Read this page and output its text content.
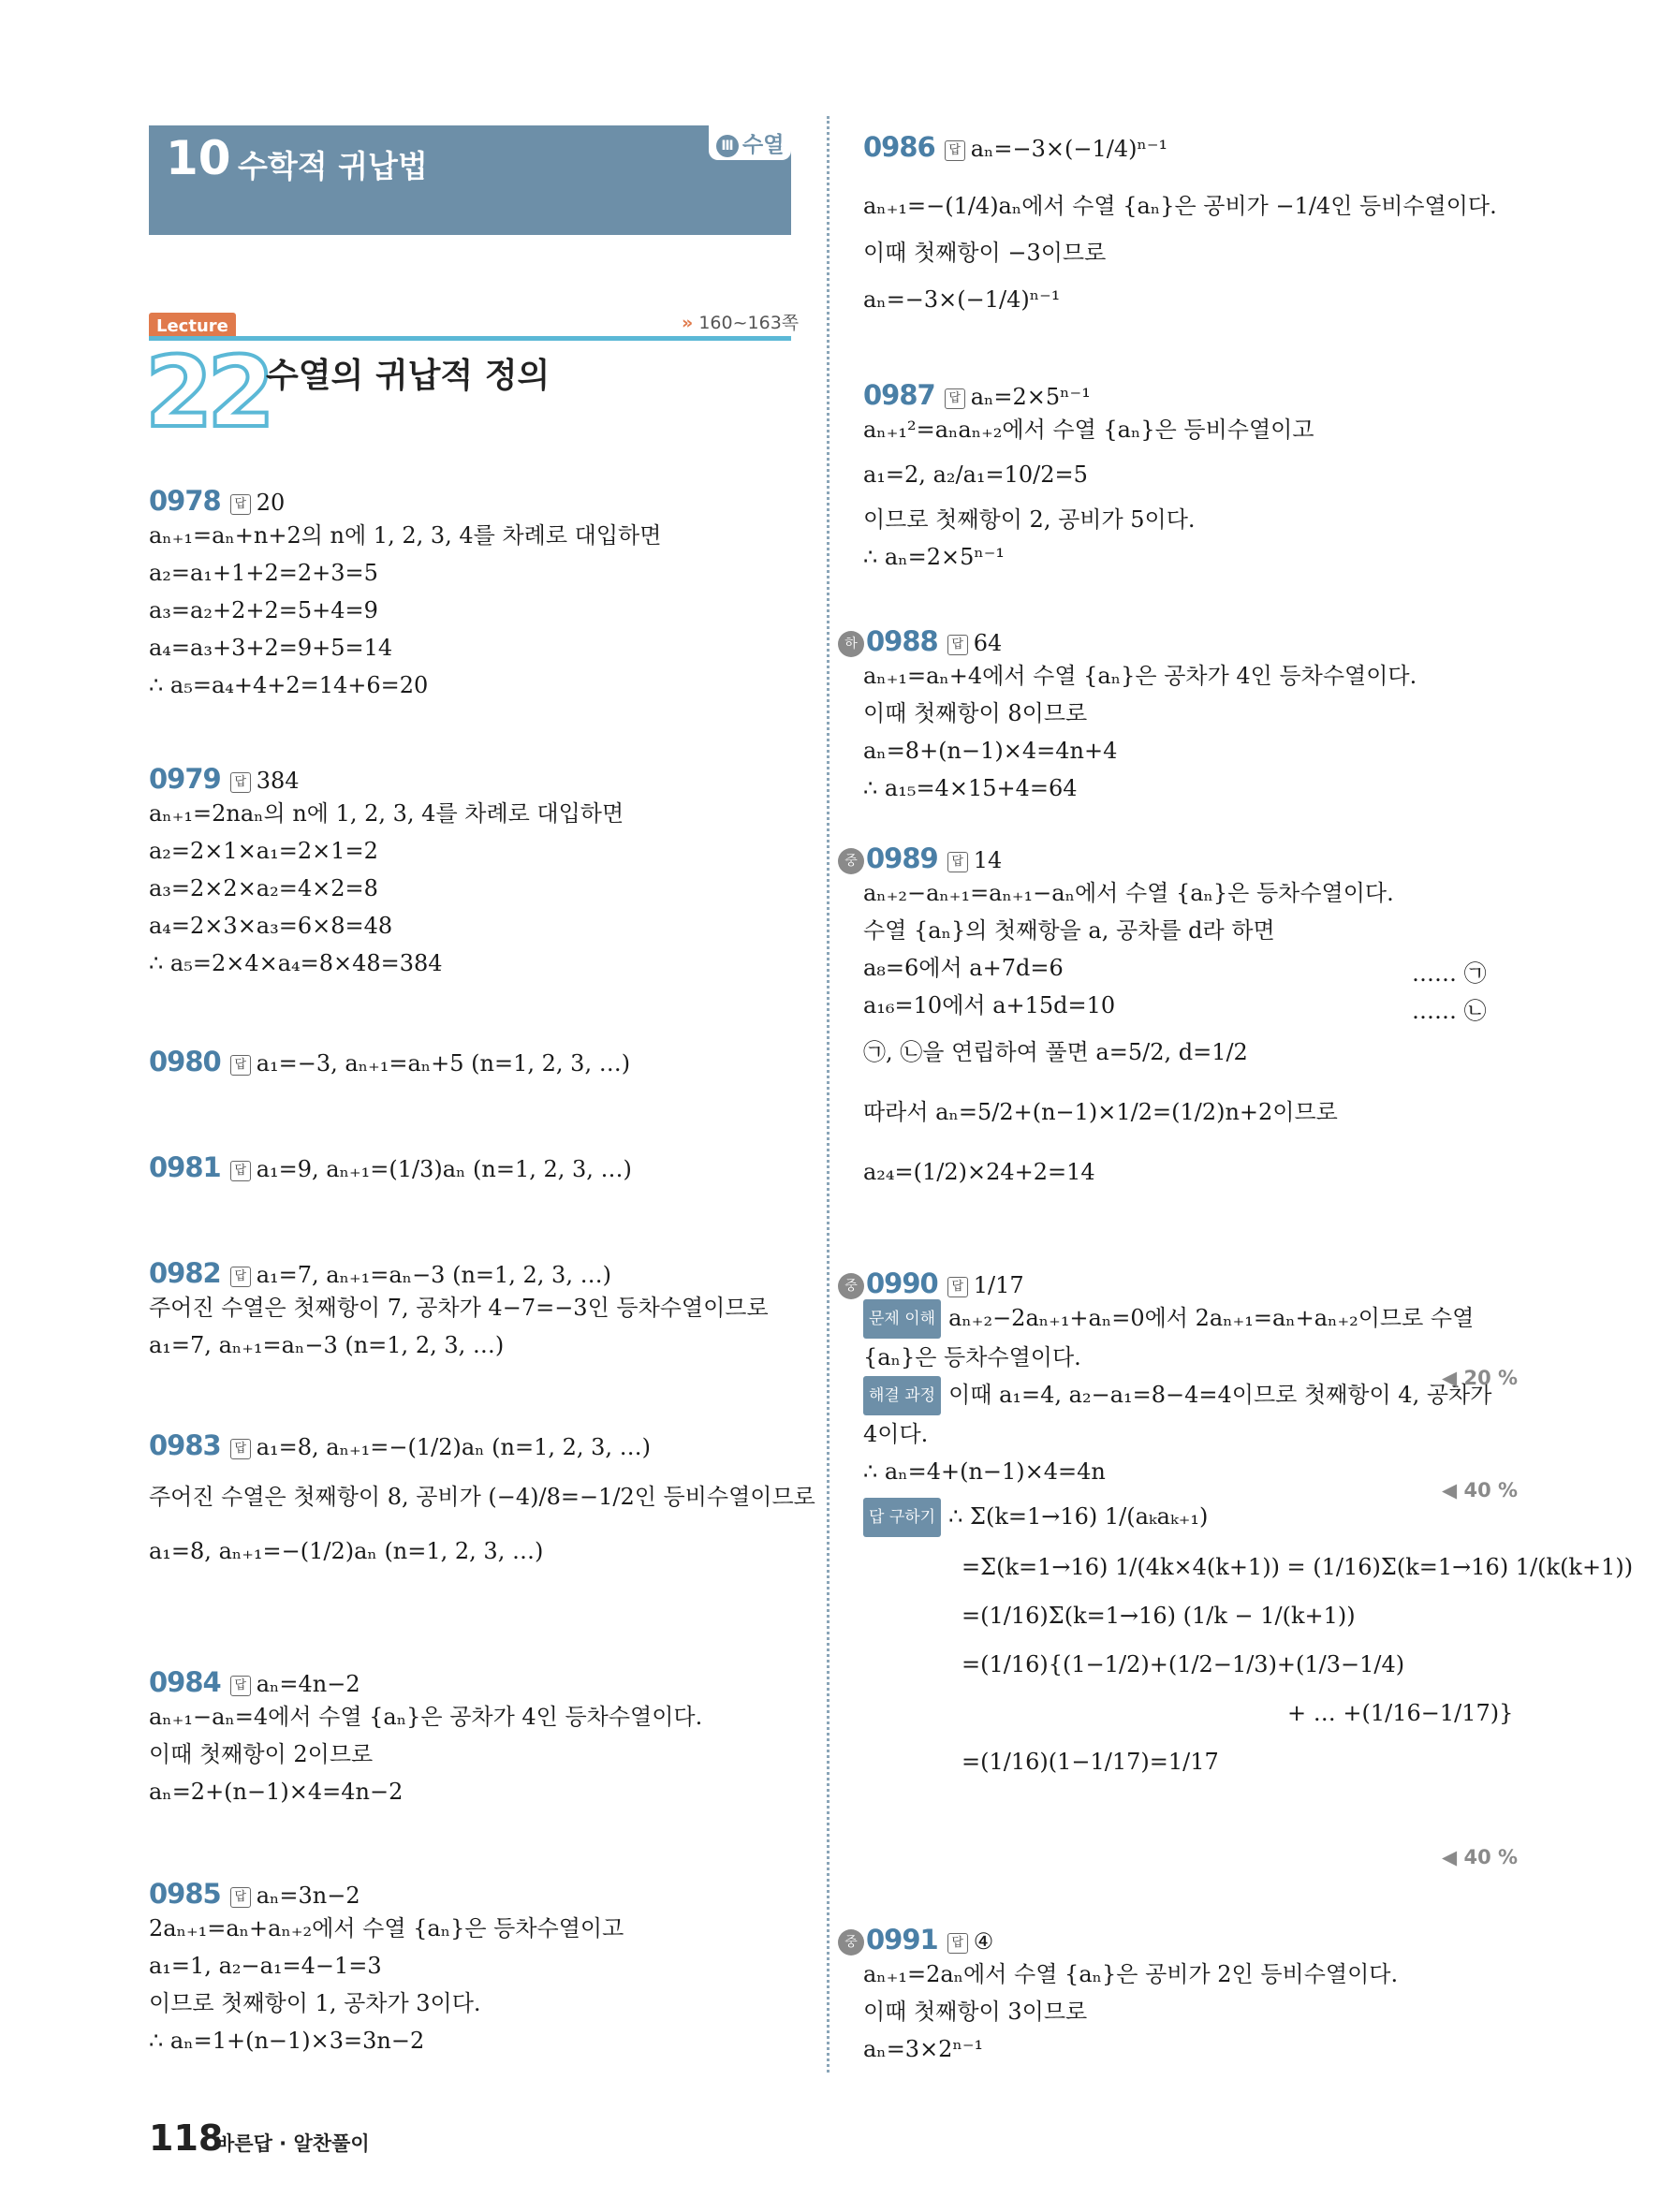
10 수학적 귀납법
Ⅲ 수열
Lecture	» 160~163쪽
22
수열의 귀납적 정의
0978 답 20
aₙ₊₁=aₙ+n+2의 n에 1, 2, 3, 4를 차례로 대입하면
a₂=a₁+1+2=2+3=5
a₃=a₂+2+2=5+4=9
a₄=a₃+3+2=9+5=14
∴ a₅=a₄+4+2=14+6=20
0979 답 384
aₙ₊₁=2naₙ의 n에 1, 2, 3, 4를 차례로 대입하면
a₂=2×1×a₁=2×1=2
a₃=2×2×a₂=4×2=8
a₄=2×3×a₃=6×8=48
∴ a₅=2×4×a₄=8×48=384
0980 답 a₁=−3, aₙ₊₁=aₙ+5 (n=1, 2, 3, …)
0981 답 a₁=9, aₙ₊₁=(1/3)aₙ (n=1, 2, 3, …)
0982 답 a₁=7, aₙ₊₁=aₙ−3 (n=1, 2, 3, …)
주어진 수열은 첫째항이 7, 공차가 4−7=−3인 등차수열이므로
a₁=7, aₙ₊₁=aₙ−3 (n=1, 2, 3, …)
0983 답 a₁=8, aₙ₊₁=−(1/2)aₙ (n=1, 2, 3, …)
주어진 수열은 첫째항이 8, 공비가 (−4)/8=−1/2인 등비수열이므로
a₁=8, aₙ₊₁=−(1/2)aₙ (n=1, 2, 3, …)
0984 답 aₙ=4n−2
aₙ₊₁−aₙ=4에서 수열 {aₙ}은 공차가 4인 등차수열이다.
이때 첫째항이 2이므로
aₙ=2+(n−1)×4=4n−2
0985 답 aₙ=3n−2
2aₙ₊₁=aₙ+aₙ₊₂에서 수열 {aₙ}은 등차수열이고
a₁=1, a₂−a₁=4−1=3
이므로 첫째항이 1, 공차가 3이다.
∴ aₙ=1+(n−1)×3=3n−2
0986 답 aₙ=−3×(−1/4)ⁿ⁻¹
aₙ₊₁=−(1/4)aₙ에서 수열 {aₙ}은 공비가 −1/4인 등비수열이다.
이때 첫째항이 −3이므로
aₙ=−3×(−1/4)ⁿ⁻¹
0987 답 aₙ=2×5ⁿ⁻¹
aₙ₊₁²=aₙaₙ₊₂에서 수열 {aₙ}은 등비수열이고
a₁=2, a₂/a₁=10/2=5
이므로 첫째항이 2, 공비가 5이다.
∴ aₙ=2×5ⁿ⁻¹
하 0988 답 64
aₙ₊₁=aₙ+4에서 수열 {aₙ}은 공차가 4인 등차수열이다.
이때 첫째항이 8이므로
aₙ=8+(n−1)×4=4n+4
∴ a₁₅=4×15+4=64
중 0989 답 14
aₙ₊₂−aₙ₊₁=aₙ₊₁−aₙ에서 수열 {aₙ}은 등차수열이다.
수열 {aₙ}의 첫째항을 a, 공차를 d라 하면
a₈=6에서 a+7d=6
a₁₆=10에서 a+15d=10
㉠, ㉡을 연립하여 풀면 a=5/2, d=1/2
따라서 aₙ=5/2+(n−1)×1/2=(1/2)n+2이므로
a₂₄=(1/2)×24+2=14
…… ㉠
…… ㉡
중 0990 답 1/17
문제 이해 aₙ₊₂−2aₙ₊₁+aₙ=0에서 2aₙ₊₁=aₙ+aₙ₊₂이므로 수열
{aₙ}은 등차수열이다.
해결 과정 이때 a₁=4, a₂−a₁=8−4=4이므로 첫째항이 4, 공차가
4이다.
∴ aₙ=4+(n−1)×4=4n
답 구하기 ∴ Σ(k=1→16) 1/(aₖaₖ₊₁)
=Σ(k=1→16) 1/(4k×4(k+1)) = (1/16)Σ(k=1→16) 1/(k(k+1))
=(1/16)Σ(k=1→16) (1/k − 1/(k+1))
=(1/16){(1−1/2)+(1/2−1/3)+(1/3−1/4)
+ … +(1/16−1/17)}
=(1/16)(1−1/17)=1/17
◀ 20 %
◀ 40 %
◀ 40 %
중 0991 답 ④
aₙ₊₁=2aₙ에서 수열 {aₙ}은 공비가 2인 등비수열이다.
이때 첫째항이 3이므로
aₙ=3×2ⁿ⁻¹
118
바른답 · 알찬풀이
